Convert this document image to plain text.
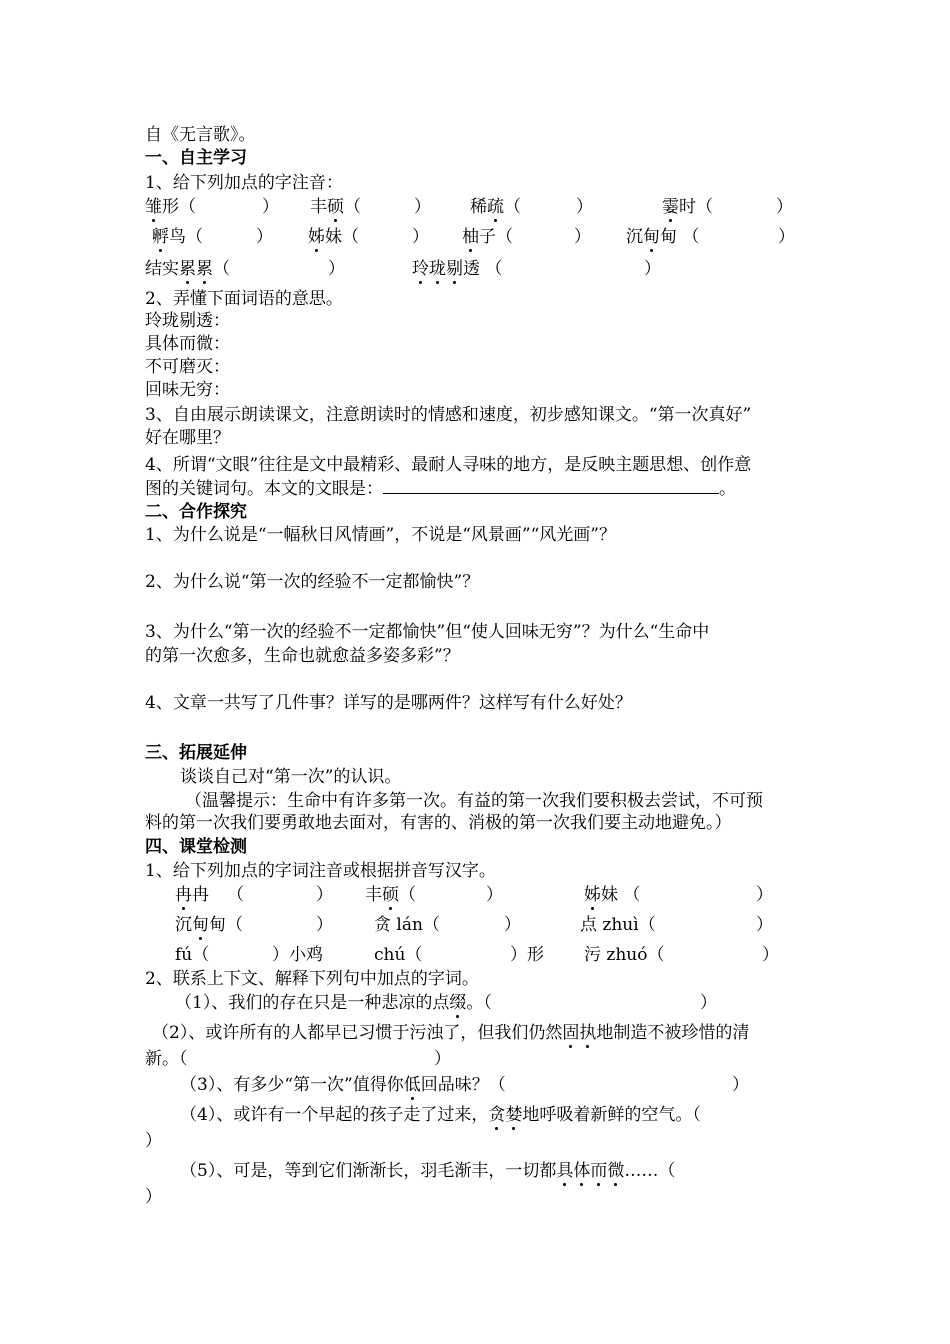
自《无言歌》。
一、自主学习
1、给下列加点的字注音：
雏形（	） 丰硕（	） 稀疏（	）	霎时（	）
孵鸟（	） 姊妹（	） 柚子（	） 沉甸甸 （	）
结实累累（	）	玲珑剔透 （	）
2、弄懂下面词语的意思。
玲珑剔透：
具体而微：
不可磨灭：
回味无穷：
3、自由展示朗读课文，注意朗读时的情感和速度，初步感知课文。“第一次真好”
好在哪里？
4、所谓“文眼”往往是文中最精彩、最耐人寻味的地方，是反映主题思想、创作意
图的关键词句。本文的文眼是：	。
二、合作探究
1、为什么说是“一幅秋日风情画”，不说是“风景画”“风光画”？
2、为什么说“第一次的经验不一定都愉快”？
3、为什么“第一次的经验不一定都愉快”但“使人回味无穷”？为什么“生命中
的第一次愈多，生命也就愈益多姿多彩”？
4、文章一共写了几件事？详写的是哪两件？这样写有什么好处？
三、拓展延伸
谈谈自己对“第一次”的认识。
（温馨提示：生命中有许多第一次。有益的第一次我们要积极去尝试，不可预
料的第一次我们要勇敢地去面对，有害的、消极的第一次我们要主动地避免。）
四、课堂检测
1、给下列加点的字词注音或根据拼音写汉字。
冉冉 （	） 丰硕（	）	姊妹 （	）
沉甸甸（	） 贪 lán（	）	点 zhuì（	）
fú（	）小鸡	chú（	）形 污 zhuó（	）
2、联系上下文、解释下列句中加点的字词。
（1）、我们的存在只是一种悲凉的点缀。（	）
（2）、或许所有的人都早已习惯于污浊了，但我们仍然固执地制造不被珍惜的清
新。（	）
（3）、有多少“第一次”值得你低回品味？（	）
（4）、或许有一个早起的孩子走了过来，贪婪地呼吸着新鲜的空气。（
）
（5）、可是，等到它们渐渐长，羽毛渐丰，一切都具体而微……（
）
